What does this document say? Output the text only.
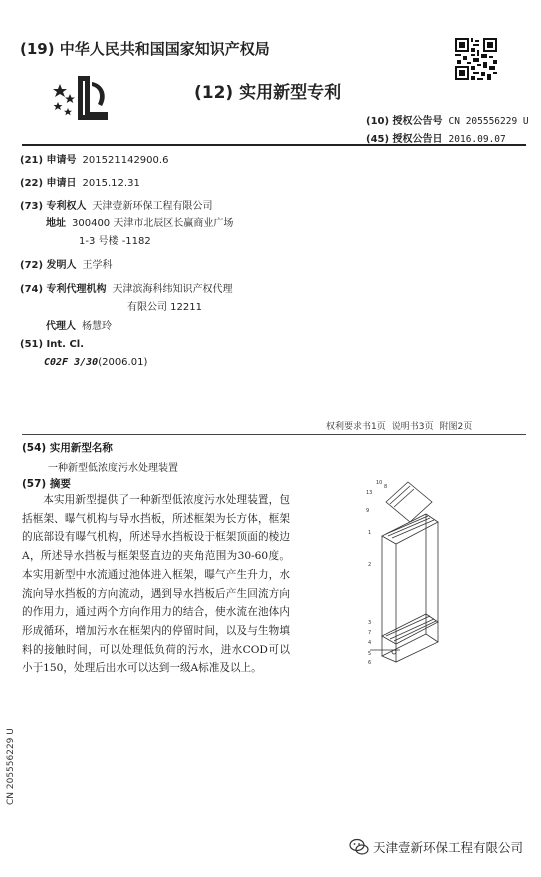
(19) 中华人民共和国国家知识产权局
(12) 实用新型专利
(10) 授权公告号 CN 205556229 U
(45) 授权公告日 2016.09.07
(21) 申请号 201521142900.6
(22) 申请日 2015.12.31
(73) 专利权人 天津壹新环保工程有限公司
地址 300400 天津市北辰区长赢商业广场
1-3 号楼 -1182
(72) 发明人 王学科
(74) 专利代理机构 天津滨海科纬知识产权代理
有限公司 12211
代理人 杨慧玲
(51) Int. Cl.
C02F 3/30(2006.01)
权利要求书1页 说明书3页 附图2页
(54) 实用新型名称
一种新型低浓度污水处理装置
(57) 摘要
本实用新型提供了一种新型低浓度污水处理装置，包括框架、曝气机构与导水挡板，所述框架为长方体，框架的底部设有曝气机构，所述导水挡板设于框架顶面的棱边A，所述导水挡板与框架竖直边的夹角范围为30-60度。本实用新型中水流通过池体进入框架，曝气产生升力，水流向导水挡板的方向流动，遇到导水挡板后产生回流方向的作用力，通过两个方向作用力的结合，使水流在池体内形成循环，增加污水在框架内的停留时间，以及与生物填料的接触时间，可以处理低负荷的污水，进水COD可以小于150，处理后出水可以达到一级A标准及以上。
10
8
13
9
1
2
3
7
4
5
6
CN 205556229 U
天津壹新环保工程有限公司
